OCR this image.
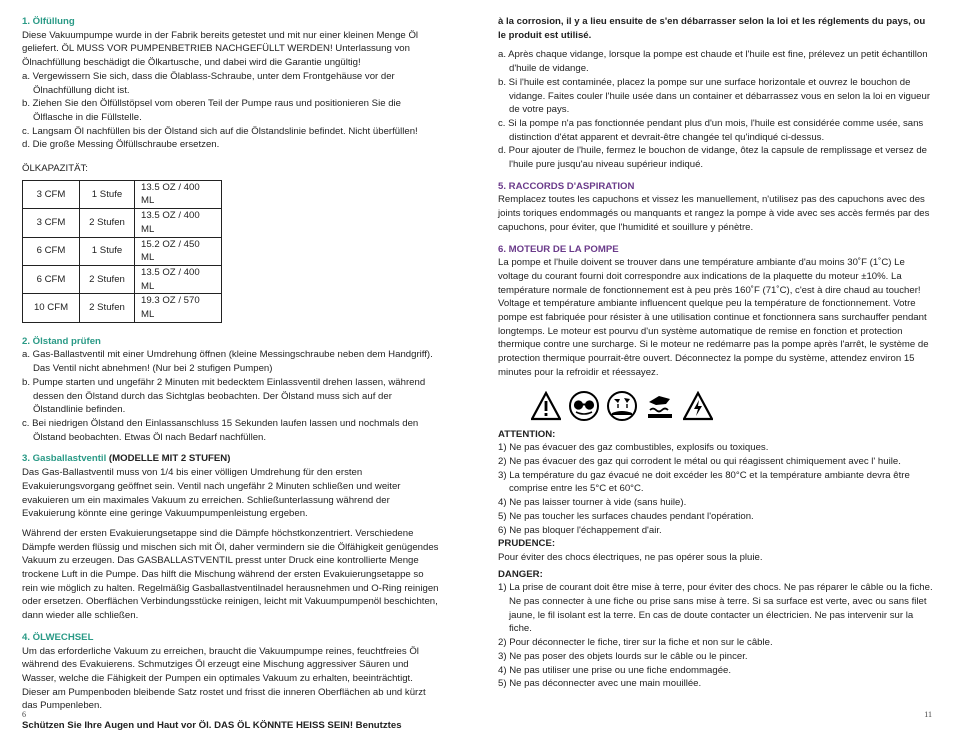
1. Ölfüllung

Diese Vakuumpumpe wurde in der Fabrik bereits getestet und mit nur einer kleinen Menge Öl geliefert. ÖL MUSS VOR PUMPENBETRIEB NACHGEFÜLLT WERDEN! Unterlassung von Ölnachfüllung beschädigt die Ölkartusche, und dabei wird die Garantie ungültig!

a. Vergewissern Sie sich, dass die Ölablass-Schraube, unter dem Frontgehäuse vor der Ölnachfüllung dicht ist.

b. Ziehen Sie den Ölfüllstöpsel vom oberen Teil der Pumpe raus und positionieren Sie die Ölflasche in die Füllstelle.

c. Langsam Öl nachfüllen bis der Ölstand sich auf die Ölstandslinie befindet. Nicht überfüllen!

d. Die große Messing Ölfüllschraube ersetzen.

ÖLKAPAZITÄT:

3 CFM	1 Stufe	13.5 OZ / 400 ML
3 CFM	2 Stufen	13.5 OZ / 400 ML
6 CFM	1 Stufe	15.2 OZ / 450 ML
6 CFM	2 Stufen	13.5 OZ / 400 ML
10 CFM	2 Stufen	19.3 OZ / 570 ML

2. Ölstand prüfen

a. Gas-Ballastventil mit einer Umdrehung öffnen (kleine Messingschraube neben dem Handgriff). Das Ventil nicht abnehmen! (Nur bei 2 stufigen Pumpen)

b. Pumpe starten und ungefähr 2 Minuten mit bedecktem Einlassventil drehen lassen, während dessen den Ölstand durch das Sichtglas beobachten. Der Ölstand muss sich auf der Ölstandlinie befinden.

c. Bei niedrigen Ölstand den Einlassanschluss 15 Sekunden laufen lassen und nochmals den Ölstand beobachten. Etwas Öl nach Bedarf nachfüllen.

3. Gasballastventil (MODELLE MIT 2 STUFEN)

Das Gas-Ballastventil muss von 1/4 bis einer völligen Umdrehung für den ersten Evakuierungsvorgang geöffnet sein. Ventil nach ungefähr 2 Minuten schließen und weiter evakuieren um ein maximales Vakuum zu erreichen. Schließunterlassung während der Evakuierung könnte eine geringe Vakuumpumpenleistung ergeben.

Während der ersten Evakuierungsetappe sind die Dämpfe höchstkonzentriert. Verschiedene Dämpfe werden flüssig und mischen sich mit Öl, daher vermindern sie die Ölfähigkeit genügendes Vakuum zu erzeugen. Das GASBALLASTVENTIL presst unter Druck eine kontrollierte Menge trockene Luft in die Pumpe. Das hilft die Mischung während der ersten Evakuierungsetappe so rein wie möglich zu halten. Regelmäßig Gasballastventilnadel herausnehmen und O-Ring reinigen oder ersetzen. Oberflächen Verbindungsstücke reinigen, leicht mit Vakuumpumpenöl beschichten, dann wieder alle schließen.

4. ÖLWECHSEL

Um das erforderliche Vakuum zu erreichen, braucht die Vakuumpumpe reines, feuchtfreies Öl während des Evakuierens. Schmutziges Öl erzeugt eine Mischung aggressiver Säuren und Wasser, welche die Fähigkeit der Pumpen ein optimales Vakuum zu erhalten, beeinträchtigt. Dieser am Pumpenboden bleibende Satz rostet und frisst die inneren Oberflächen ab und kürzt das Pumpenleben.

Schützen Sie Ihre Augen und Haut vor Öl. DAS ÖL KÖNNTE HEISS SEIN! Benutztes

6

à la corrosion, il y a lieu ensuite de s'en débarrasser selon la loi et les réglements du pays, ou le produit est utilisé.

a. Après chaque vidange, lorsque la pompe est chaude et l'huile est fine, prélevez un petit échantillon d'huile de vidange.

b. Si l'huile est contaminée, placez la pompe sur une surface horizontale et ouvrez le bouchon de vidange. Faites couler l'huile usée dans un container et débarrassez vous en selon la loi en vigueur de votre pays.

c. Si la pompe n'a pas fonctionnée pendant plus d'un mois, l'huile est considérée comme usée, sans distinction d'état apparent et devrait-être changée tel qu'indiqué ci-dessus.

d. Pour ajouter de l'huile, fermez le bouchon de vidange, ôtez la capsule de remplissage et versez de l'huile pure jusqu'au niveau supérieur indiqué.

5. RACCORDS D'ASPIRATION

Remplacez toutes les capuchons et vissez les manuellement, n'utilisez pas des capuchons avec des joints toriques endommagés ou manquants et rangez la pompe à vide avec ses accès fermés par des capuchons, pour éviter, que l'humidité et souillure y pénètre.

6. MOTEUR DE LA POMPE

La pompe et l'huile doivent se trouver dans une température ambiante d'au moins 30˚F (1˚C) Le voltage du courant fourni doit correspondre aux indications de la plaquette du moteur ±10%. La température normale de fonctionnement est à peu près 160˚F (71˚C), c'est à dire chaud au toucher! Voltage et température ambiante influencent quelque peu la température de fonctionnement. Votre pompe est fabriquée pour résister à une utilisation continue et fonctionnera sans surchauffer pendant longtemps. Le moteur est pourvu d'un système automatique de remise en fonction et protection thermique contre une surcharge. Si le moteur ne redémarre pas la pompe après l'arrêt, le système de protection thermique pourrait-être ouvert. Déconnectez la pompe du système, attendez environ 15 minutes pour la refroidir et réessayez.

ATTENTION:

1) Ne pas évacuer des gaz combustibles, explosifs ou toxiques.

2) Ne pas évacuer des gaz qui corrodent le métal ou qui réagissent chimiquement avec l' huile.

3) La température du gaz évacué ne doit excéder les 80°C et la température ambiante devra être comprise entre les 5°C et 60°C.

4) Ne pas laisser tourner à vide (sans huile).

5) Ne pas toucher les surfaces chaudes pendant l'opération.

6) Ne pas bloquer l'échappement d'air.

PRUDENCE:

Pour éviter des chocs électriques, ne pas opérer sous la pluie.

DANGER:

1) La prise de courant doit être mise à terre, pour éviter des chocs. Ne pas réparer le câble ou la fiche. Ne pas connecter à une fiche ou prise sans mise à terre. Si sa surface est verte, avec ou sans filet jaune, le fil isolant est la terre. En cas de doute contacter un électricien. Ne pas intervenir sur la fiche.

2) Pour déconnecter le fiche, tirer sur la fiche et non sur le câble.

3) Ne pas poser des objets lourds sur le câble ou le pincer.

4) Ne pas utiliser une prise ou une fiche endommagée.

5) Ne pas déconnecter avec une main mouillée.

11
